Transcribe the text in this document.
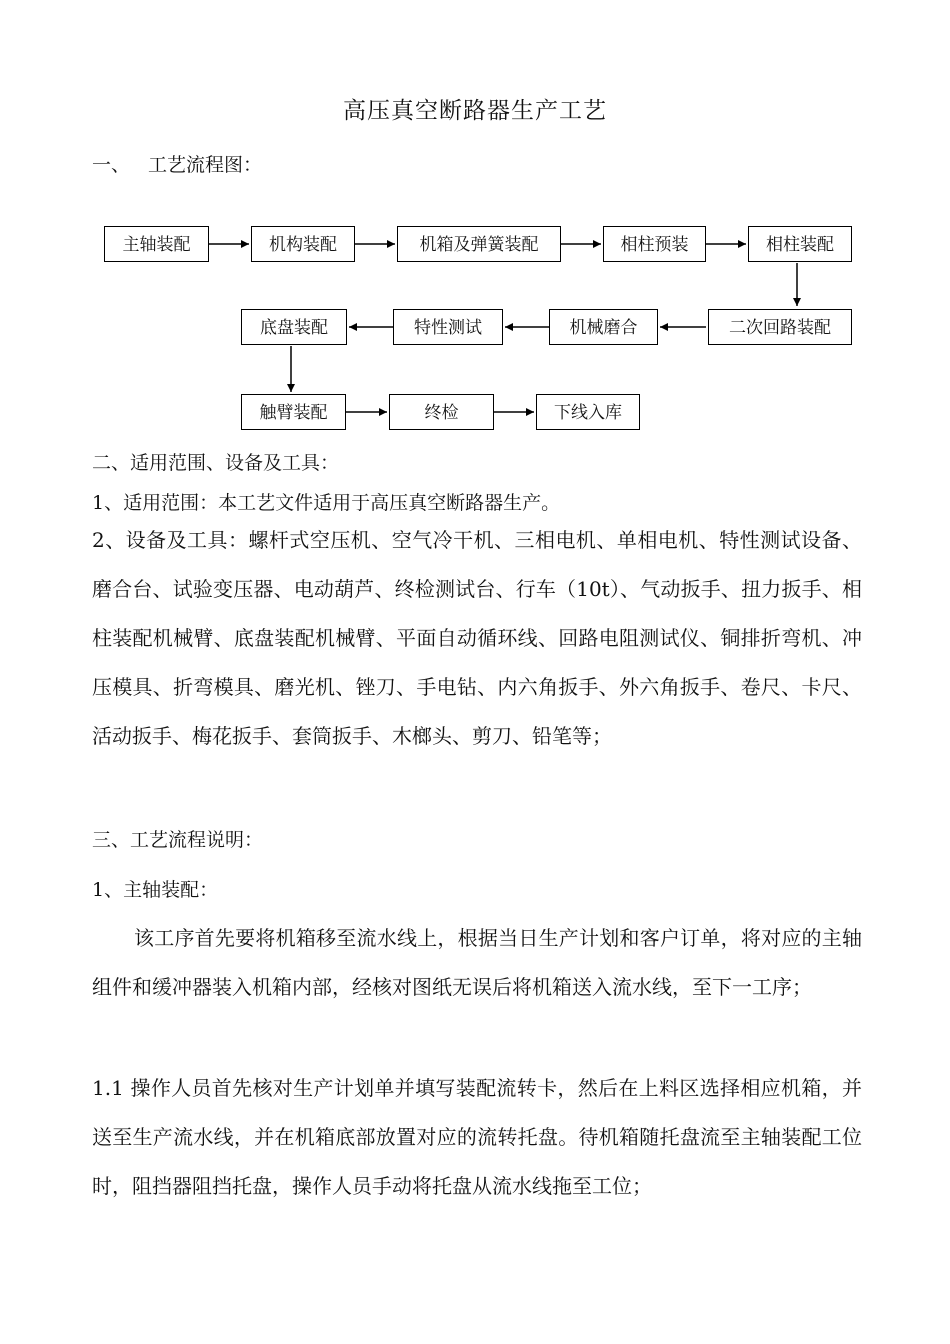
高压真空断路器生产工艺
一、 工艺流程图：
主轴装配	机构装配	机箱及弹簧装配	相柱预装	相柱装配
底盘装配	特性测试	机械磨合	二次回路装配
触臂装配	终检	下线入库
二、适用范围、设备及工具：
1、适用范围：本工艺文件适用于高压真空断路器生产。
2、设备及工具：螺杆式空压机、空气冷干机、三相电机、单相电机、特性测试设备、磨合台、试验变压器、电动葫芦、终检测试台、行车（10t）、气动扳手、扭力扳手、相柱装配机械臂、底盘装配机械臂、平面自动循环线、回路电阻测试仪、铜排折弯机、冲压模具、折弯模具、磨光机、锉刀、手电钻、内六角扳手、外六角扳手、卷尺、卡尺、活动扳手、梅花扳手、套筒扳手、木榔头、剪刀、铅笔等；
三、工艺流程说明：
1、主轴装配：
该工序首先要将机箱移至流水线上，根据当日生产计划和客户订单，将对应的主轴组件和缓冲器装入机箱内部，经核对图纸无误后将机箱送入流水线，至下一工序；
1.1 操作人员首先核对生产计划单并填写装配流转卡，然后在上料区选择相应机箱，并送至生产流水线，并在机箱底部放置对应的流转托盘。待机箱随托盘流至主轴装配工位时，阻挡器阻挡托盘，操作人员手动将托盘从流水线拖至工位；
